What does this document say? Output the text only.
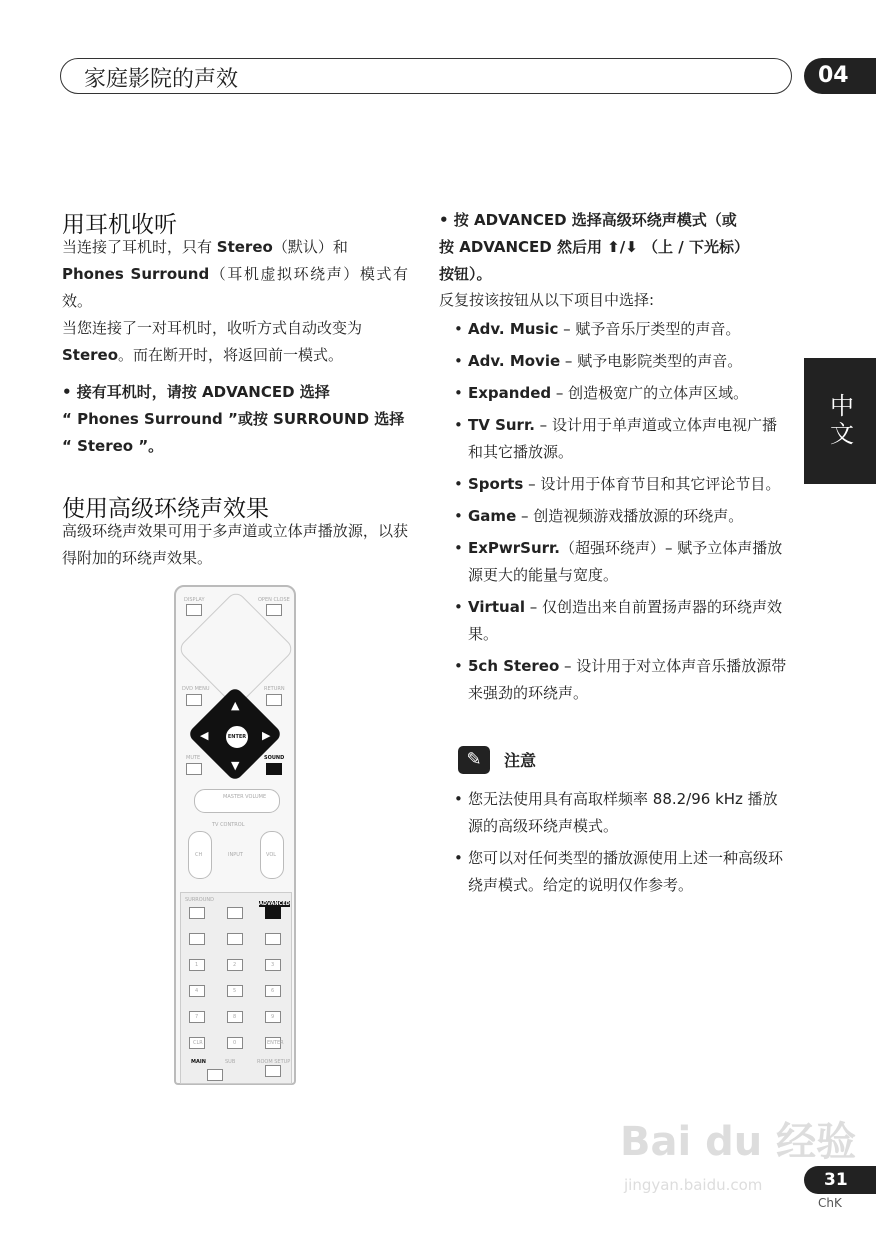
家庭影院的声效	04
中文
用耳机收听
当连接了耳机时，只有 Stereo（默认）和
Phones Surround（耳机虚拟环绕声）模式有效。
当您连接了一对耳机时，收听方式自动改变为 Stereo。而在断开时，将返回前一模式。
• 接有耳机时，请按 ADVANCED 选择
“ Phones Surround ”或按 SURROUND 选择
“ Stereo ”。
使用高级环绕声效果
高级环绕声效果可用于多声道或立体声播放源，以获得附加的环绕声效果。
DISPLAY	OPEN CLOSE
DVD MENU	RETURN
▲
▼
◀	▶
ENTER
MUTE	SOUND
MASTER VOLUME
TV CONTROL
CH	VOL
INPUT
SURROUND
ADVANCED
1	2	3
4	5	6
7	8	9
CLR	0	ENTER
MAIN	SUB	ROOM SETUP
• 按 ADVANCED 选择高级环绕声模式（或
按 ADVANCED 然后用 ⬆/⬇ （上 / 下光标）
按钮）。
反复按该按钮从以下项目中选择:
• Adv. Music – 赋予音乐厅类型的声音。
• Adv. Movie – 赋予电影院类型的声音。
• Expanded – 创造极宽广的立体声区域。
• TV Surr. – 设计用于单声道或立体声电视广播和其它播放源。
• Sports – 设计用于体育节目和其它评论节目。
• Game – 创造视频游戏播放源的环绕声。
• ExPwrSurr.（超强环绕声）– 赋予立体声播放源更大的能量与宽度。
• Virtual – 仅创造出来自前置扬声器的环绕声效果。
• 5ch Stereo – 设计用于对立体声音乐播放源带来强劲的环绕声。
✎	注意
• 您无法使用具有高取样频率 88.2/96 kHz 播放源的高级环绕声模式。
• 您可以对任何类型的播放源使用上述一种高级环绕声模式。给定的说明仅作参考。
Bai du 经验
jingyan.baidu.com	31
ChK
